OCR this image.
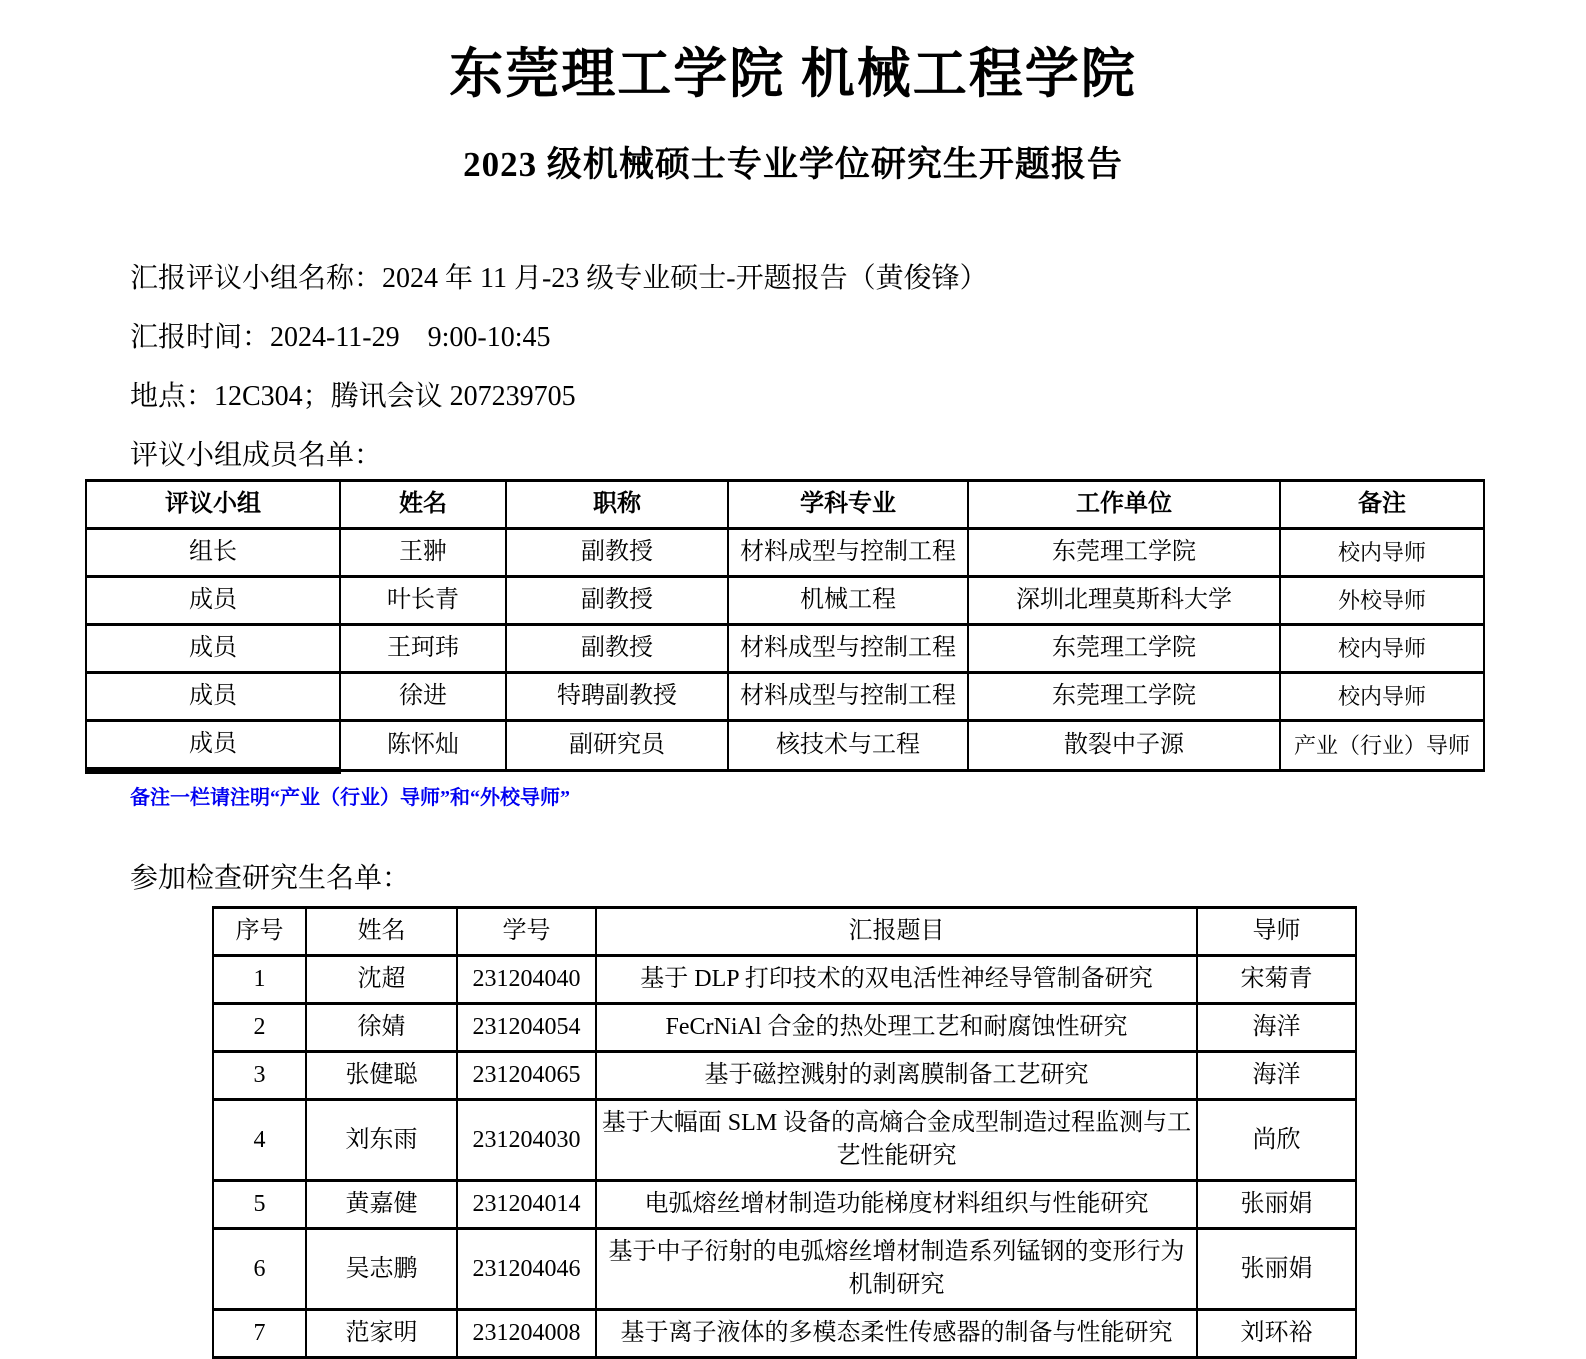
东莞理工学院 机械工程学院
2023 级机械硕士专业学位研究生开题报告

汇报评议小组名称：2024 年 11 月-23 级专业硕士-开题报告（黄俊锋）

汇报时间：2024-11-29    9:00-10:45

地点：12C304；腾讯会议 207239705

评议小组成员名单：

评议小组	姓名	职称	学科专业	工作单位	备注
组长	王翀	副教授	材料成型与控制工程	东莞理工学院	校内导师
成员	叶长青	副教授	机械工程	深圳北理莫斯科大学	外校导师
成员	王珂玮	副教授	材料成型与控制工程	东莞理工学院	校内导师
成员	徐进	特聘副教授	材料成型与控制工程	东莞理工学院	校内导师
成员	陈怀灿	副研究员	核技术与工程	散裂中子源	产业（行业）导师

备注一栏请注明“产业（行业）导师”和“外校导师”

参加检查研究生名单：

序号	姓名	学号	汇报题目	导师
1	沈超	231204040	基于 DLP 打印技术的双电活性神经导管制备研究	宋菊青
2	徐婧	231204054	FeCrNiAl 合金的热处理工艺和耐腐蚀性研究	海洋
3	张健聪	231204065	基于磁控溅射的剥离膜制备工艺研究	海洋
4	刘东雨	231204030	基于大幅面 SLM 设备的高熵合金成型制造过程监测与工艺性能研究	尚欣
5	黄嘉健	231204014	电弧熔丝增材制造功能梯度材料组织与性能研究	张丽娟
6	吴志鹏	231204046	基于中子衍射的电弧熔丝增材制造系列锰钢的变形行为机制研究	张丽娟
7	范家明	231204008	基于离子液体的多模态柔性传感器的制备与性能研究	刘环裕
